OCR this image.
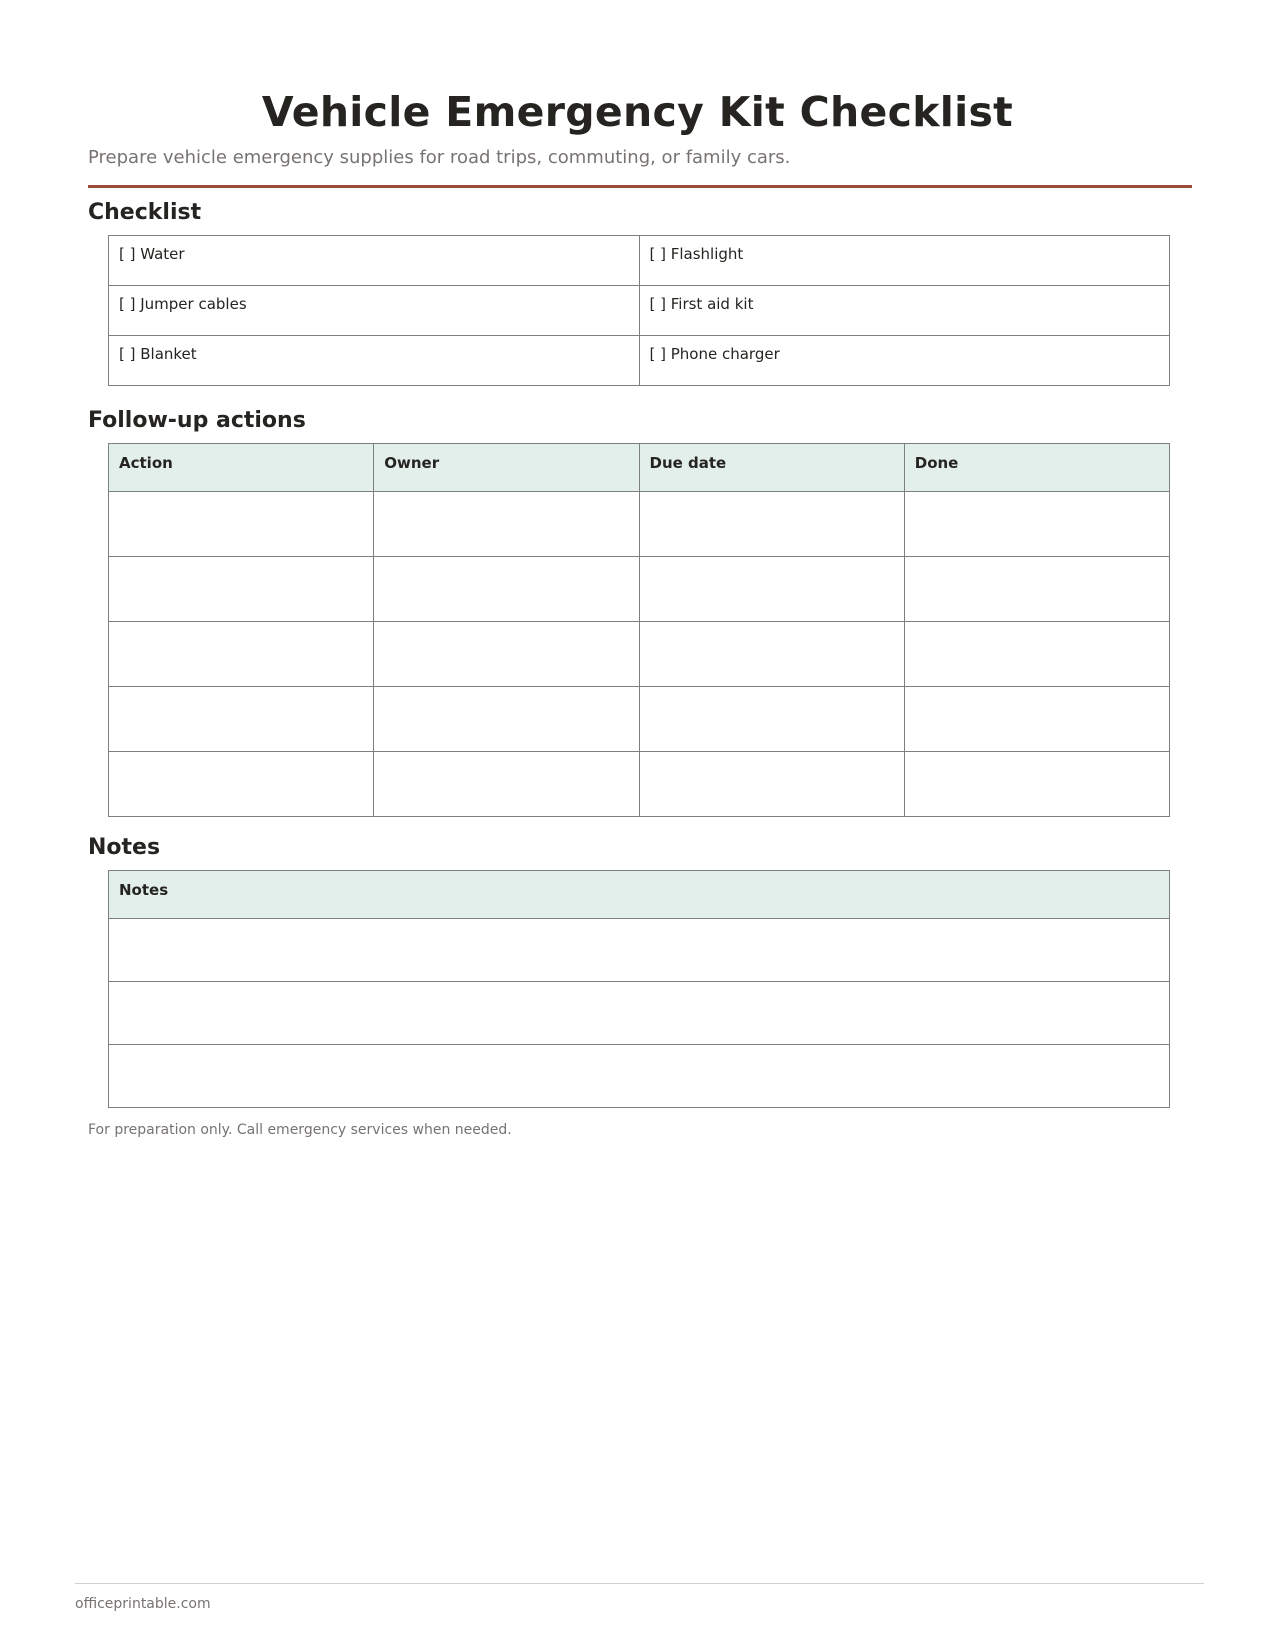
Vehicle Emergency Kit Checklist

Prepare vehicle emergency supplies for road trips, commuting, or family cars.

Checklist
[ ] Water	[ ] Flashlight
[ ] Jumper cables	[ ] First aid kit
[ ] Blanket	[ ] Phone charger
Follow-up actions
Action	Owner	Due date	Done

Notes
Notes

For preparation only. Call emergency services when needed.

officeprintable.com
